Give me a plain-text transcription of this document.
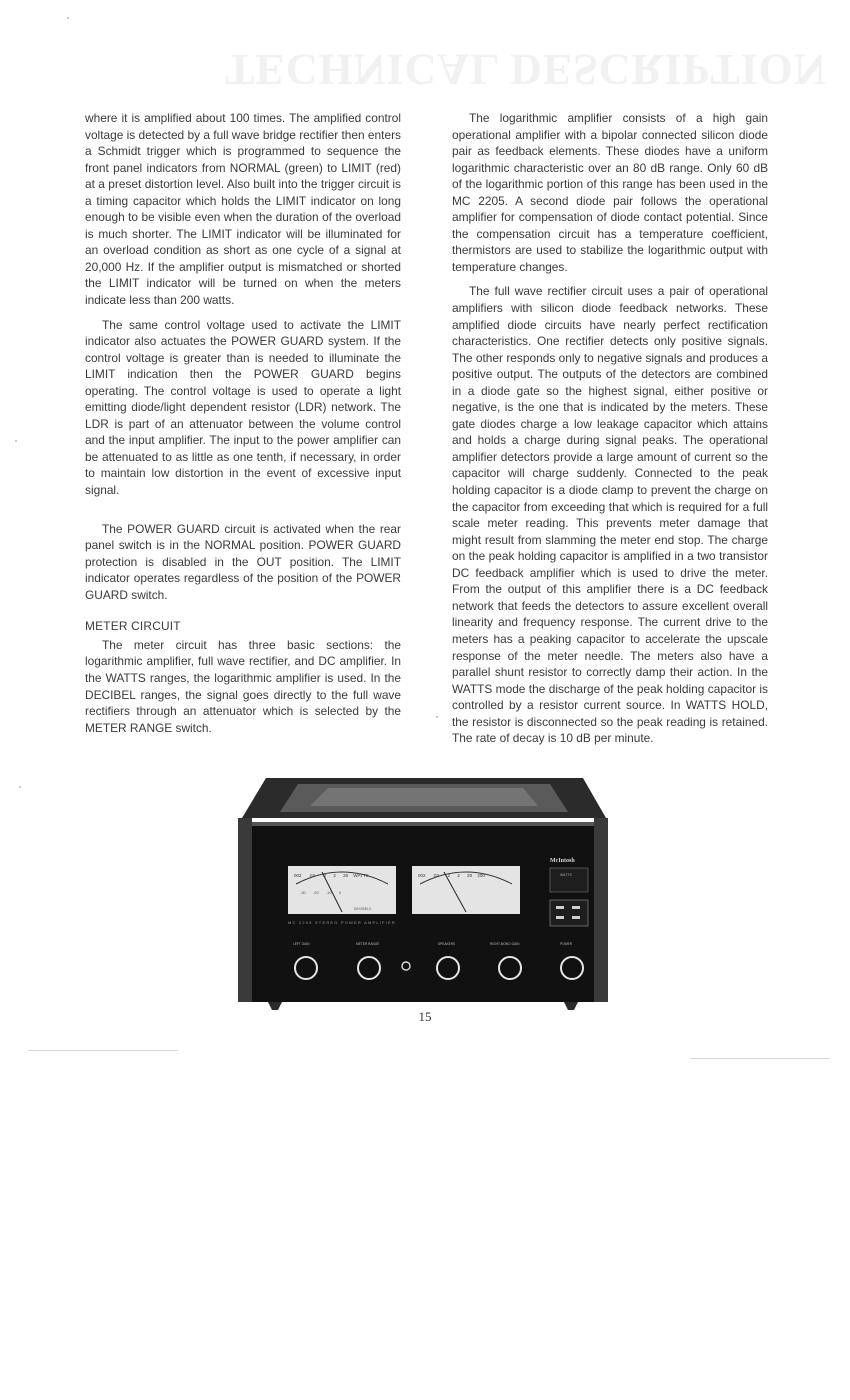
TECHNICAL DESCRIPTION

where it is amplified about 100 times. The amplified control voltage is detected by a full wave bridge rectifier then enters a Schmidt trigger which is programmed to sequence the front panel indicators from NORMAL (green) to LIMIT (red) at a preset distortion level. Also built into the trigger circuit is a timing capacitor which holds the LIMIT indicator on long enough to be visible even when the duration of the overload is much shorter. The LIMIT indicator will be illuminated for an overload condition as short as one cycle of a signal at 20,000 Hz. If the amplifier output is mismatched or shorted the LIMIT indicator will be turned on when the meters indicate less than 200 watts.

The same control voltage used to activate the LIMIT indicator also actuates the POWER GUARD system. If the control voltage is greater than is needed to illuminate the LIMIT indication then the POWER GUARD begins operating. The control voltage is used to operate a light emitting diode/light dependent resistor (LDR) network. The LDR is part of an attenuator between the volume control and the input amplifier. The input to the power amplifier can be attenuated to as little as one tenth, if necessary, in order to maintain low distortion in the event of excessive input signal.

The POWER GUARD circuit is activated when the rear panel switch is in the NORMAL position. POWER GUARD protection is disabled in the OUT position. The LIMIT indicator operates regardless of the position of the POWER GUARD switch.

METER CIRCUIT

The meter circuit has three basic sections: the logarithmic amplifier, full wave rectifier, and DC amplifier. In the WATTS ranges, the logarithmic amplifier is used. In the DECIBEL ranges, the signal goes directly to the full wave rectifiers through an attenuator which is selected by the METER RANGE switch.

The logarithmic amplifier consists of a high gain operational amplifier with a bipolar connected silicon diode pair as feedback elements. These diodes have a uniform logarithmic characteristic over an 80 dB range. Only 60 dB of the logarithmic portion of this range has been used in the MC 2205. A second diode pair follows the operational amplifier for compensation of diode contact potential. Since the compensation circuit has a temperature coefficient, thermistors are used to stabilize the logarithmic output with temperature changes.

The full wave rectifier circuit uses a pair of operational amplifiers with silicon diode feedback networks. These amplified diode circuits have nearly perfect rectification characteristics. One rectifier detects only positive signals. The other responds only to negative signals and produces a positive output. The outputs of the detectors are combined in a diode gate so the highest signal, either positive or negative, is the one that is indicated by the meters. These gate diodes charge a low leakage capacitor which attains and holds a charge during signal peaks. The operational amplifier detectors provide a large amount of current so the capacitor will charge suddenly. Connected to the peak holding capacitor is a diode clamp to prevent the charge on the capacitor from exceeding that which is required for a full scale meter reading. This prevents meter damage that might result from slamming the meter end stop. The charge on the peak holding capacitor is amplified in a two transistor DC feedback amplifier which is used to drive the meter. From the output of this amplifier there is a DC feedback network that feeds the detectors to assure excellent overall linearity and frequency response. The current drive to the meters has a peaking capacitor to accelerate the upscale response of the meter needle. The meters also have a parallel shunt resistor to correctly damp their action. In the WATTS mode the discharge of the peak holding capacitor is controlled by a resistor current source. In WATTS HOLD, the resistor is disconnected so the peak reading is retained. The rate of decay is 10 dB per minute.

002 .02 .2 2 20 WATTS
-30 -20 -10 0
DECIBELS
002 .02 .2 2 20 200
MC 2205 STEREO POWER AMPLIFIER
McIntosh
WATTS
LEFT GAIN	METER RANGE	SPEAKERS	RIGHT-MONO GAIN	POWER
15
